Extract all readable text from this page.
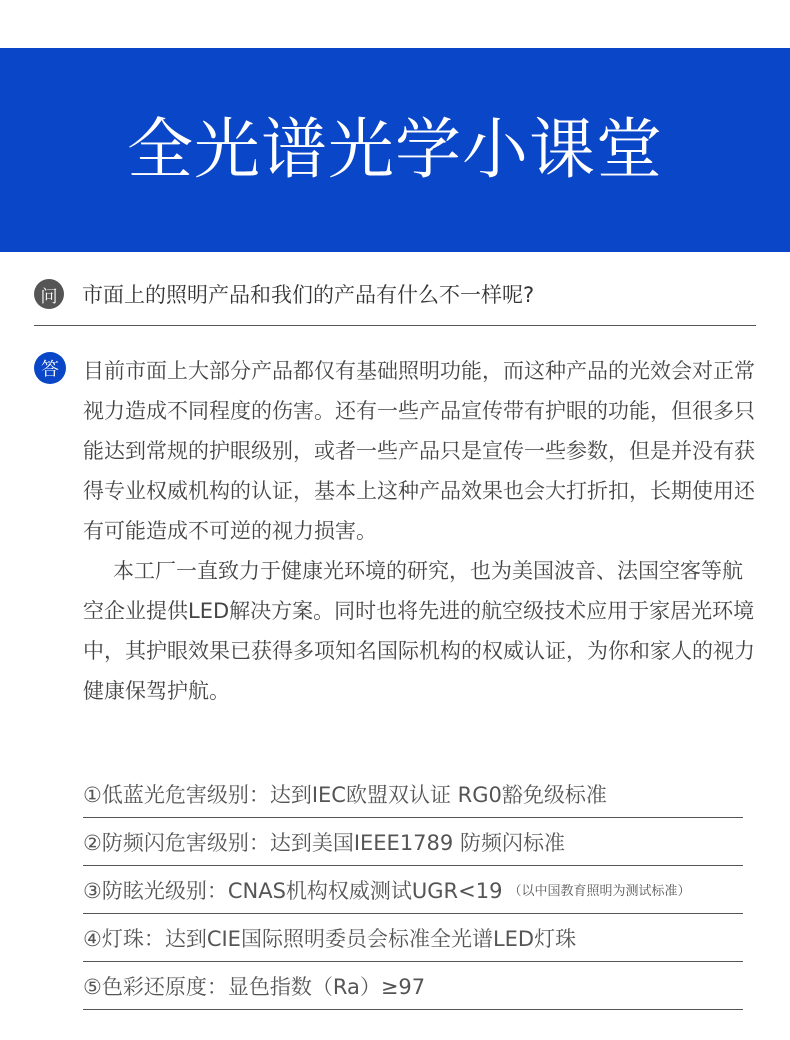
全光谱光学小课堂
问	市面上的照明产品和我们的产品有什么不一样呢?
答	目前市面上大部分产品都仅有基础照明功能，而这种产品的光效会对正常视力造成不同程度的伤害。还有一些产品宣传带有护眼的功能，但很多只能达到常规的护眼级别，或者一些产品只是宣传一些参数，但是并没有获得专业权威机构的认证，基本上这种产品效果也会大打折扣，长期使用还有可能造成不可逆的视力损害。

本工厂一直致力于健康光环境的研究，也为美国波音、法国空客等航空企业提供LED解决方案。同时也将先进的航空级技术应用于家居光环境中，其护眼效果已获得多项知名国际机构的权威认证，为你和家人的视力健康保驾护航。

①低蓝光危害级别：达到IEC欧盟双认证 RG0豁免级标准
②防频闪危害级别：达到美国IEEE1789 防频闪标准
③防眩光级别：CNAS机构权威测试UGR<19 （以中国教育照明为测试标准）
④灯珠：达到CIE国际照明委员会标准全光谱LED灯珠
⑤色彩还原度：显色指数（Ra）≥97
